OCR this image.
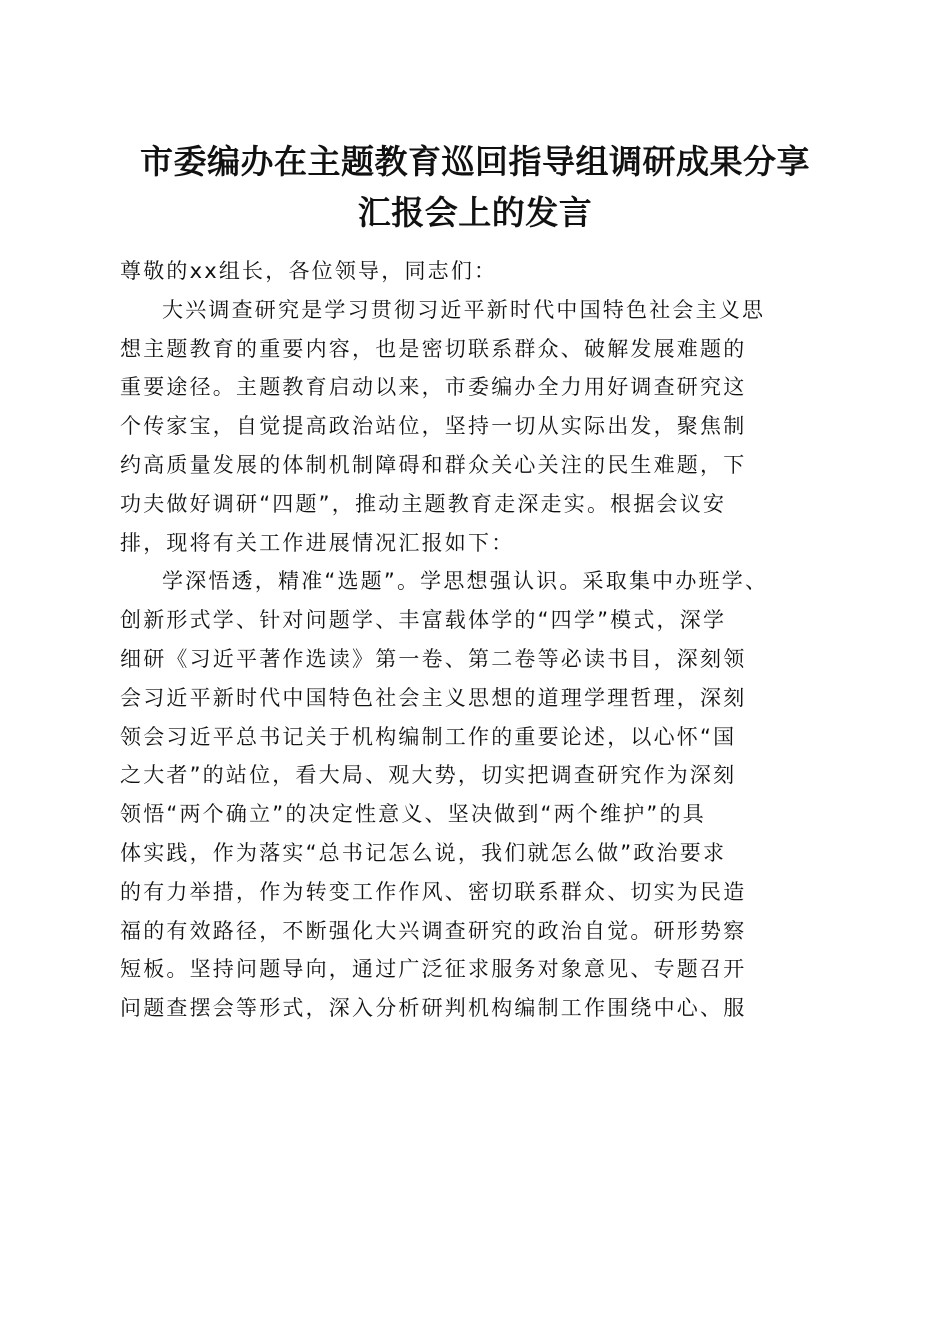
市委编办在主题教育巡回指导组调研成果分享
汇报会上的发言
尊敬的xx组长，各位领导，同志们：
大兴调查研究是学习贯彻习近平新时代中国特色社会主义思
想主题教育的重要内容，也是密切联系群众、破解发展难题的
重要途径。主题教育启动以来，市委编办全力用好调查研究这
个传家宝，自觉提高政治站位，坚持一切从实际出发，聚焦制
约高质量发展的体制机制障碍和群众关心关注的民生难题，下
功夫做好调研“四题”，推动主题教育走深走实。根据会议安
排，现将有关工作进展情况汇报如下：
学深悟透，精准“选题”。学思想强认识。采取集中办班学、
创新形式学、针对问题学、丰富载体学的“四学”模式，深学
细研《习近平著作选读》第一卷、第二卷等必读书目，深刻领
会习近平新时代中国特色社会主义思想的道理学理哲理，深刻
领会习近平总书记关于机构编制工作的重要论述，以心怀“国
之大者”的站位，看大局、观大势，切实把调查研究作为深刻
领悟“两个确立”的决定性意义、坚决做到“两个维护”的具
体实践，作为落实“总书记怎么说，我们就怎么做”政治要求
的有力举措，作为转变工作作风、密切联系群众、切实为民造
福的有效路径，不断强化大兴调查研究的政治自觉。研形势察
短板。坚持问题导向，通过广泛征求服务对象意见、专题召开
问题查摆会等形式，深入分析研判机构编制工作围绕中心、服
